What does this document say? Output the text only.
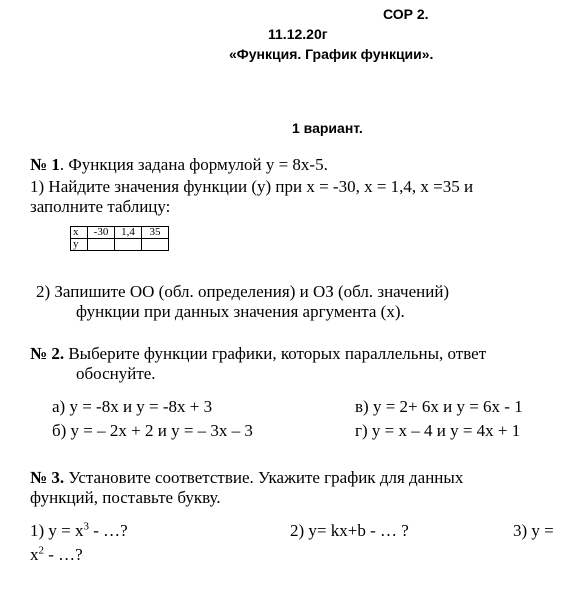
СОР 2.
11.12.20г
«Функция. График функции».
1 вариант.
№ 1. Функция задана формулой y = 8x-5.
1) Найдите значения функции (y) при x = -30, x = 1,4, x =35 и
заполните таблицу:
x	-30	1,4	35
y			
2) Запишите ОО (обл. определения) и ОЗ (обл. значений)
функции при данных значения аргумента (x).
№ 2. Выберите функции графики, которых параллельны, ответ
обоснуйте.
а) y = -8x и y = -8x + 3	в) y = 2+ 6x и y = 6x - 1
б) y = – 2x + 2 и y = – 3x – 3	г) y = x – 4 и y = 4x + 1
№ 3. Установите соответствие. Укажите график для данных
функций, поставьте букву.
1) $y = x^3$ - …?	2) y= kx+b - … ?	3) y =
$x^2$ - …?
